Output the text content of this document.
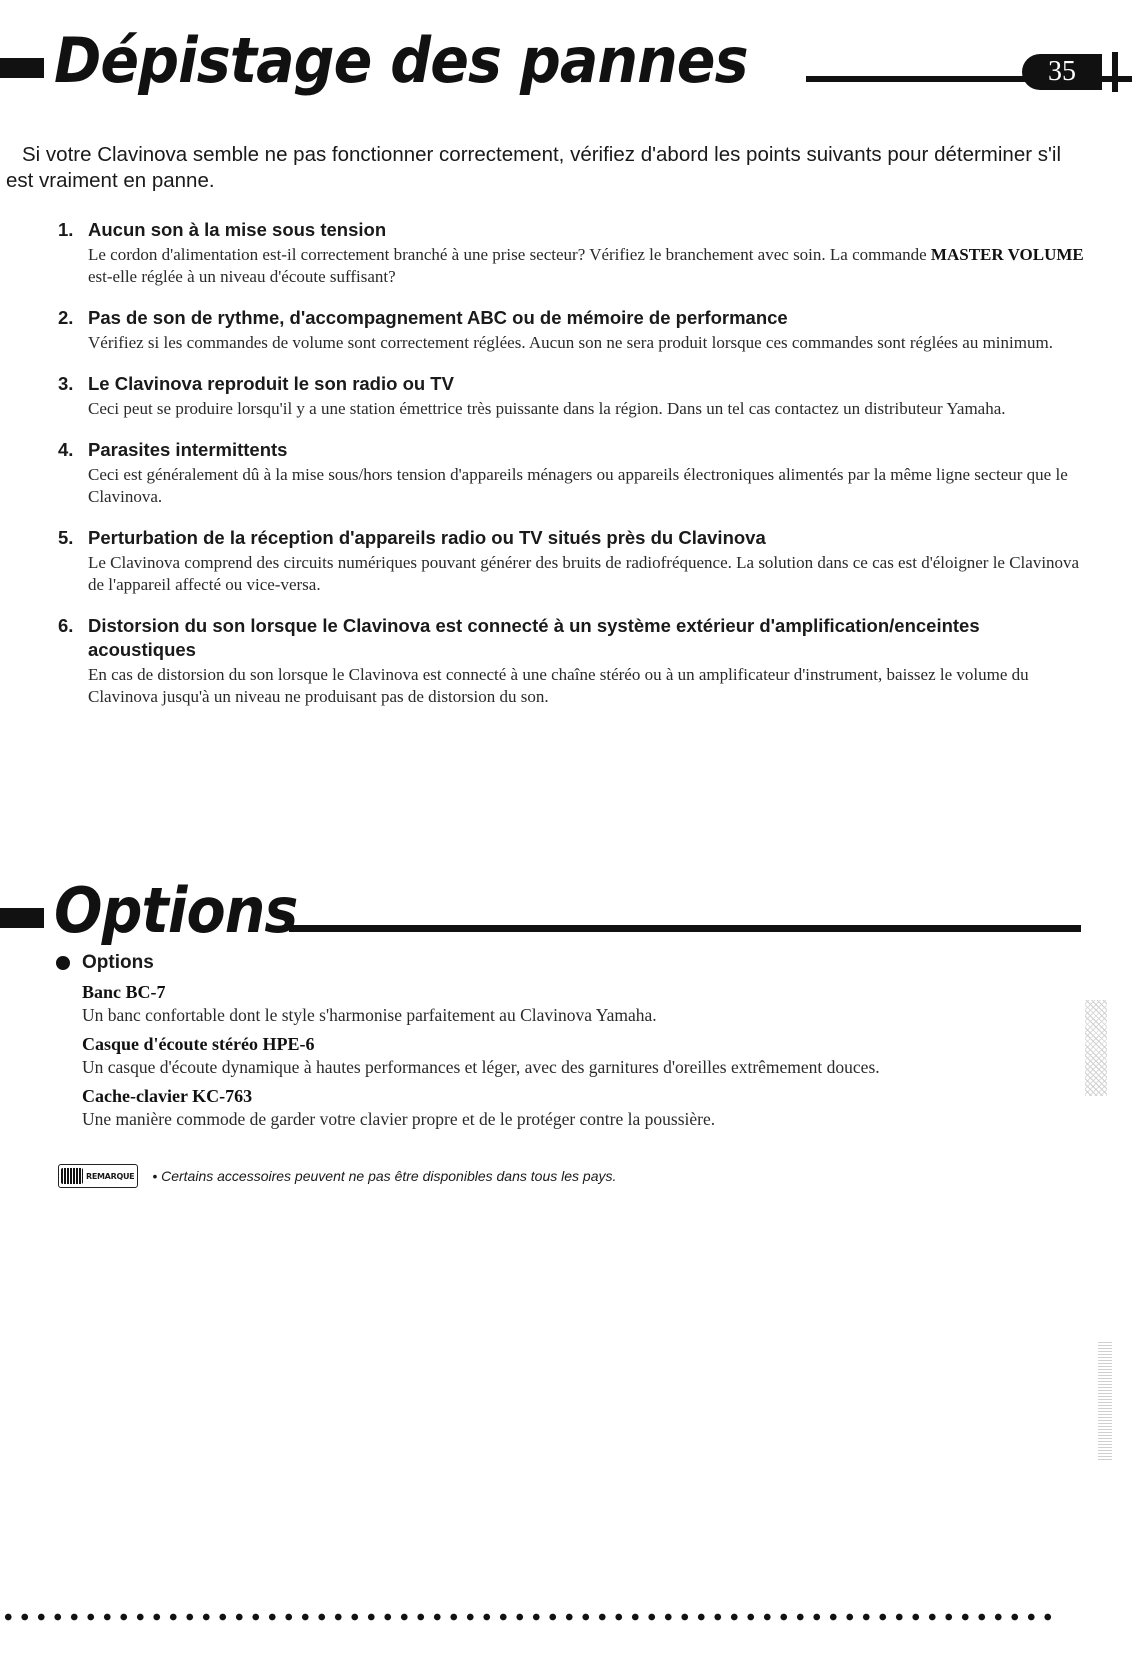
Dépistage des pannes	35
Si votre Clavinova semble ne pas fonctionner correctement, vérifiez d'abord les points suivants pour déterminer s'il est vraiment en panne.
1. Aucun son à la mise sous tension
Le cordon d'alimentation est-il correctement branché à une prise secteur? Vérifiez le branchement avec soin. La commande MASTER VOLUME est-elle réglée à un niveau d'écoute suffisant?
2. Pas de son de rythme, d'accompagnement ABC ou de mémoire de performance
Vérifiez si les commandes de volume sont correctement réglées. Aucun son ne sera produit lorsque ces commandes sont réglées au minimum.
3. Le Clavinova reproduit le son radio ou TV
Ceci peut se produire lorsqu'il y a une station émettrice très puissante dans la région. Dans un tel cas contactez un distributeur Yamaha.
4. Parasites intermittents
Ceci est généralement dû à la mise sous/hors tension d'appareils ménagers ou appareils électroniques alimentés par la même ligne secteur que le Clavinova.
5. Perturbation de la réception d'appareils radio ou TV situés près du Clavinova
Le Clavinova comprend des circuits numériques pouvant générer des bruits de radiofréquence. La solution dans ce cas est d'éloigner le Clavinova de l'appareil affecté ou vice-versa.
6. Distorsion du son lorsque le Clavinova est connecté à un système extérieur d'amplification/enceintes acoustiques
En cas de distorsion du son lorsque le Clavinova est connecté à une chaîne stéréo ou à un amplificateur d'instrument, baissez le volume du Clavinova jusqu'à un niveau ne produisant pas de distorsion du son.
Options
Options
Banc BC-7
Un banc confortable dont le style s'harmonise parfaitement au Clavinova Yamaha.
Casque d'écoute stéréo HPE-6
Un casque d'écoute dynamique à hautes performances et léger, avec des garnitures d'oreilles extrêmement douces.
Cache-clavier KC-763
Une manière commode de garder votre clavier propre et de le protéger contre la poussière.
REMARQUE • Certains accessoires peuvent ne pas être disponibles dans tous les pays.
